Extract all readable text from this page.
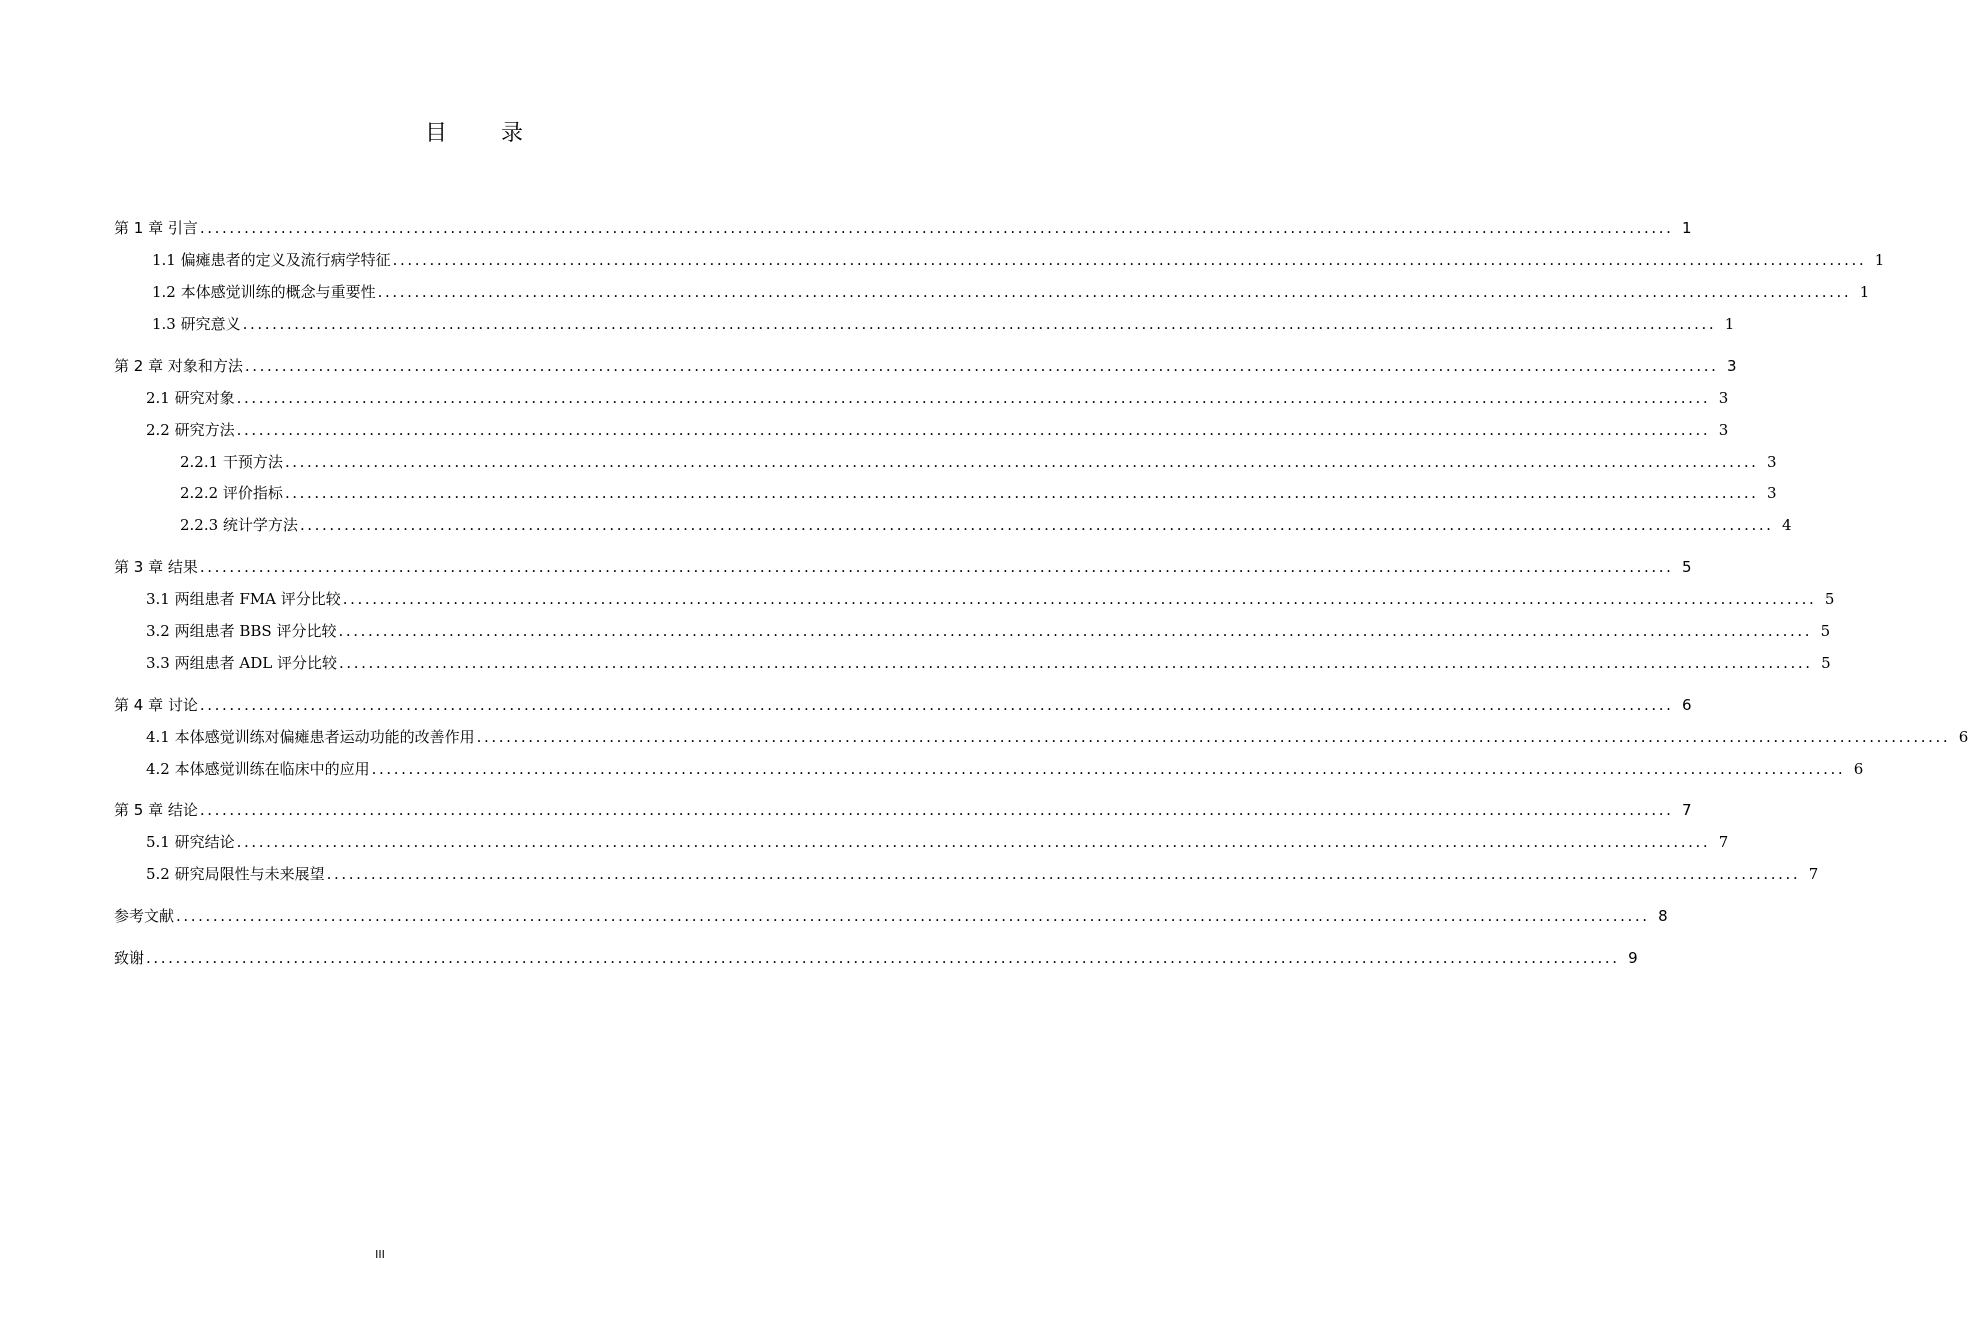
目 录
第 1 章 引言 ........................................................................................................................................................................................................ 1
1.1 偏瘫患者的定义及流行病学特征 ........................................................................................................................................................................................................ 1
1.2 本体感觉训练的概念与重要性 ........................................................................................................................................................................................................ 1
1.3 研究意义 ........................................................................................................................................................................................................ 1
第 2 章 对象和方法 ........................................................................................................................................................................................................ 3
2.1 研究对象 ........................................................................................................................................................................................................ 3
2.2 研究方法 ........................................................................................................................................................................................................ 3
2.2.1 干预方法 ........................................................................................................................................................................................................ 3
2.2.2 评价指标 ........................................................................................................................................................................................................ 3
2.2.3 统计学方法 ........................................................................................................................................................................................................ 4
第 3 章 结果 ........................................................................................................................................................................................................ 5
3.1 两组患者 FMA 评分比较 ........................................................................................................................................................................................................ 5
3.2 两组患者 BBS 评分比较 ........................................................................................................................................................................................................ 5
3.3 两组患者 ADL 评分比较 ........................................................................................................................................................................................................ 5
第 4 章 讨论 ........................................................................................................................................................................................................ 6
4.1 本体感觉训练对偏瘫患者运动功能的改善作用 ........................................................................................................................................................................................................ 6
4.2 本体感觉训练在临床中的应用 ........................................................................................................................................................................................................ 6
第 5 章 结论 ........................................................................................................................................................................................................ 7
5.1 研究结论 ........................................................................................................................................................................................................ 7
5.2 研究局限性与未来展望 ........................................................................................................................................................................................................ 7
参考文献 ........................................................................................................................................................................................................ 8
致谢 ........................................................................................................................................................................................................ 9
III
